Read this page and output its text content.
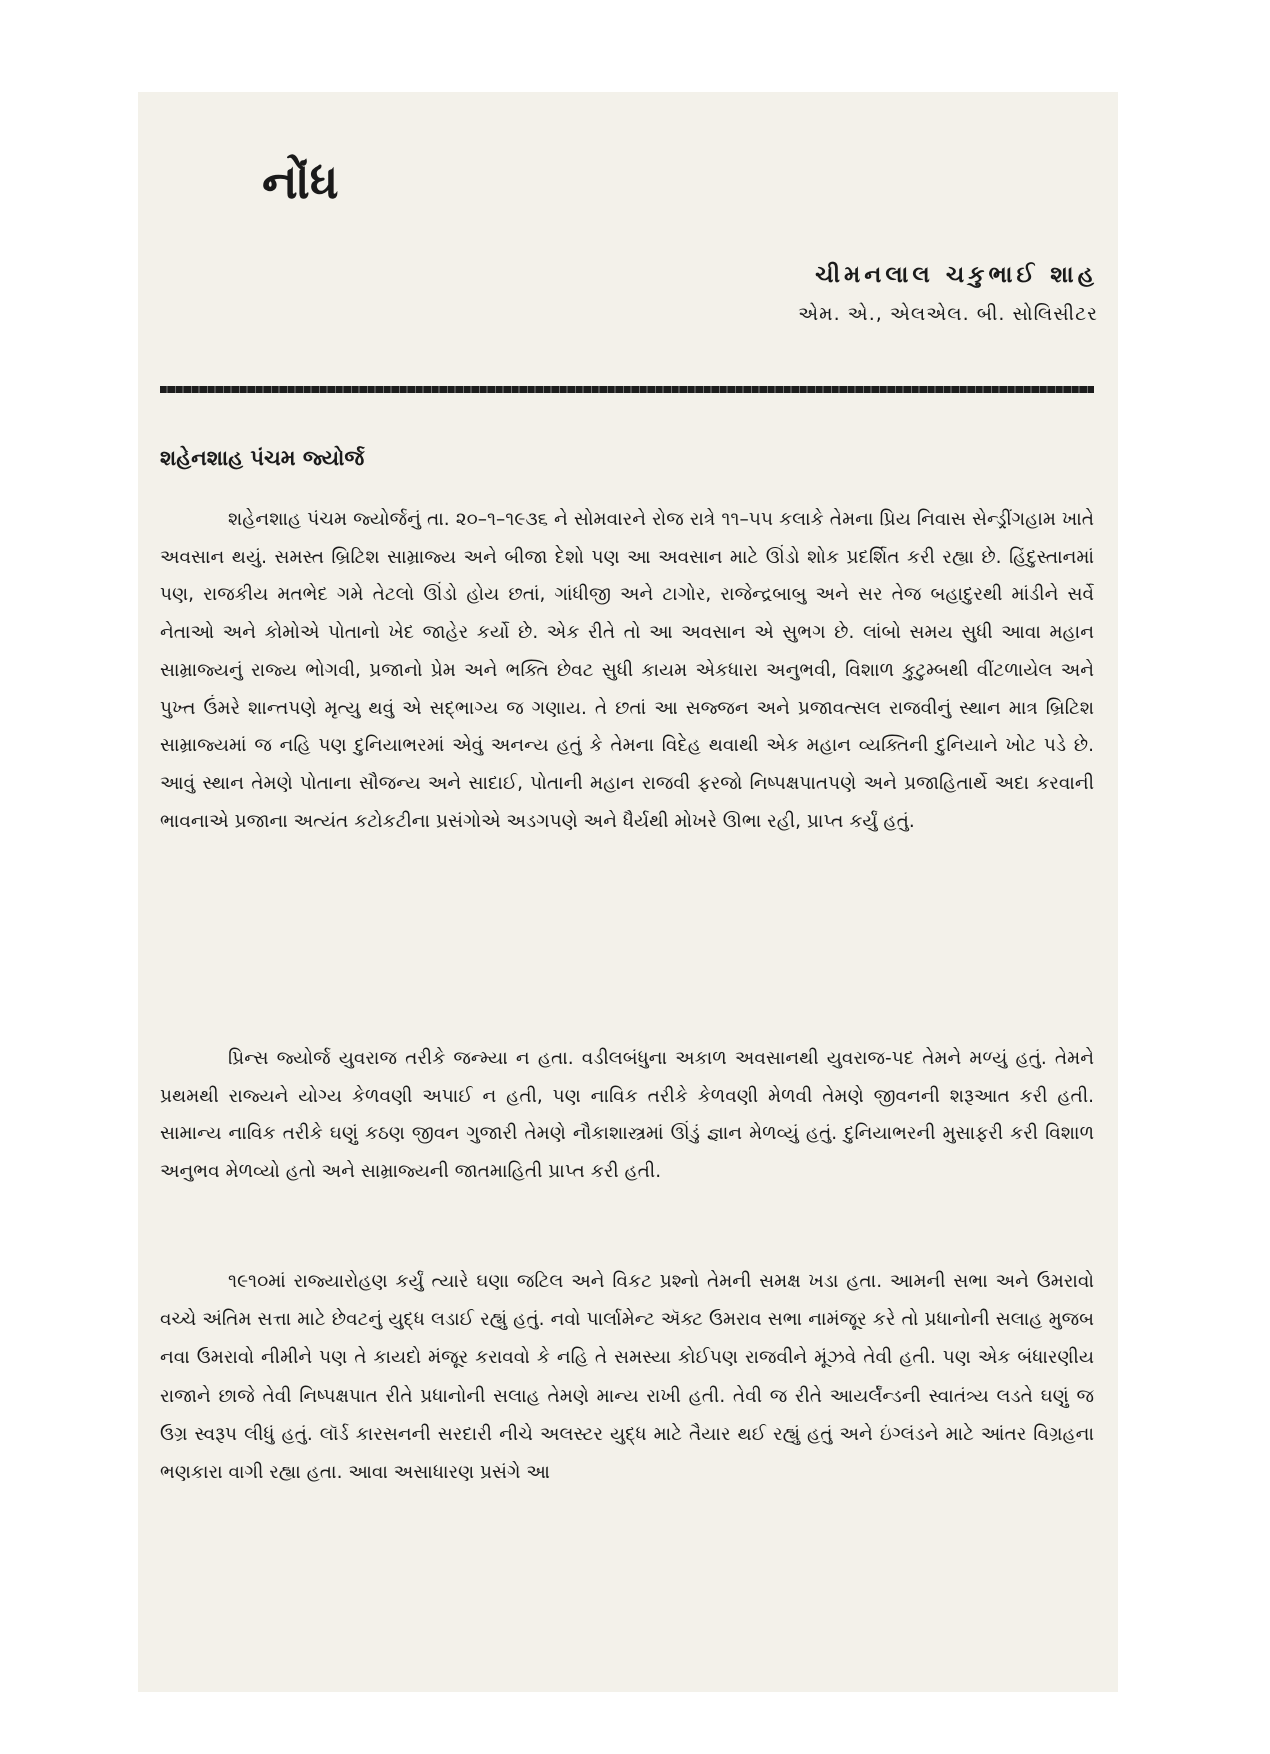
નોંધ
ચીમનલાલ ચકુભાઈ શાહ
એમ. એ., એલએલ. બી. સોલિસીટર
શહેનશાહ પંચમ જ્યોર્જ

શહેનશાહ પંચમ જ્યોર્જનું તા. ૨૦–૧–૧૯૩૬ ને સોમવારને રોજ રાત્રે ૧૧–૫૫ કલાકે તેમના પ્રિય નિવાસ સેન્ડ્રીંગહામ ખાતે અવસાન થયું. સમસ્ત બ્રિટિશ સામ્રાજ્ય અને બીજા દેશો પણ આ અવસાન માટે ઊંડો શોક પ્રદર્શિત કરી રહ્યા છે. હિંદુસ્તાનમાં પણ, રાજકીય મતભેદ ગમે તેટલો ઊંડો હોય છતાં, ગાંધીજી અને ટાગોર, રાજેન્દ્રબાબુ અને સર તેજ બહાદુરથી માંડીને સર્વે નેતાઓ અને કોમોએ પોતાનો ખેદ જાહેર કર્યો છે. એક રીતે તો આ અવસાન એ સુભગ છે. લાંબો સમય સુધી આવા મહાન સામ્રાજ્યનું રાજ્ય ભોગવી, પ્રજાનો પ્રેમ અને ભક્તિ છેવટ સુધી કાયમ એકધારા અનુભવી, વિશાળ કુટુમ્બથી વીંટળાયેલ અને પુખ્ત ઉંમરે શાન્તપણે મૃત્યુ થવું એ સદ્ભાગ્ય જ ગણાય. તે છતાં આ સજ્જન અને પ્રજાવત્સલ રાજવીનું સ્થાન માત્ર બ્રિટિશ સામ્રાજ્યમાં જ નહિ પણ દુનિયાભરમાં એવું અનન્ય હતું કે તેમના વિદેહ થવાથી એક મહાન વ્યક્તિની દુનિયાને ખોટ પડે છે. આવું સ્થાન તેમણે પોતાના સૌજન્ય અને સાદાઈ, પોતાની મહાન રાજવી ફરજો નિષ્પક્ષપાતપણે અને પ્રજાહિતાર્થે અદા કરવાની ભાવનાએ પ્રજાના અત્યંત કટોકટીના પ્રસંગોએ અડગપણે અને ધૈર્યથી મોખરે ઊભા રહી, પ્રાપ્ત કર્યું હતું.

પ્રિન્સ જ્યોર્જ યુવરાજ તરીકે જન્મ્યા ન હતા. વડીલબંધુના અકાળ અવસાનથી યુવરાજ-પદ તેમને મળ્યું હતું. તેમને પ્રથમથી રાજ્યને યોગ્ય કેળવણી અપાઈ ન હતી, પણ નાવિક તરીકે કેળવણી મેળવી તેમણે જીવનની શરૂઆત કરી હતી. સામાન્ય નાવિક તરીકે ઘણું કઠણ જીવન ગુજારી તેમણે નૌકાશાસ્ત્રમાં ઊંડું જ્ઞાન મેળવ્યું હતું. દુનિયાભરની મુસાફરી કરી વિશાળ અનુભવ મેળવ્યો હતો અને સામ્રાજ્યની જાતમાહિતી પ્રાપ્ત કરી હતી.

૧૯૧૦માં રાજ્યારોહણ કર્યું ત્યારે ઘણા જટિલ અને વિકટ પ્રશ્નો તેમની સમક્ષ ખડા હતા. આમની સભા અને ઉમરાવો વચ્ચે અંતિમ સત્તા માટે છેવટનું યુદ્ધ લડાઈ રહ્યું હતું. નવો પાર્લામેન્ટ ઍક્ટ ઉમરાવ સભા નામંજૂર કરે તો પ્રધાનોની સલાહ મુજબ નવા ઉમરાવો નીમીને પણ તે કાયદો મંજૂર કરાવવો કે નહિ તે સમસ્યા કોઈપણ રાજવીને મૂંઝવે તેવી હતી. પણ એક બંધારણીય રાજાને છાજે તેવી નિષ્પક્ષપાત રીતે પ્રધાનોની સલાહ તેમણે માન્ય રાખી હતી. તેવી જ રીતે આયર્લૅન્ડની સ્વાતંત્ર્ય લડતે ઘણું જ ઉગ્ર સ્વરૂપ લીધું હતું. લૉર્ડ કારસનની સરદારી નીચે અલસ્ટર યુદ્ધ માટે તૈયાર થઈ રહ્યું હતું અને ઇંગ્લંડને માટે આંતર વિગ્રહના ભણકારા વાગી રહ્યા હતા. આવા અસાધારણ પ્રસંગે આ
